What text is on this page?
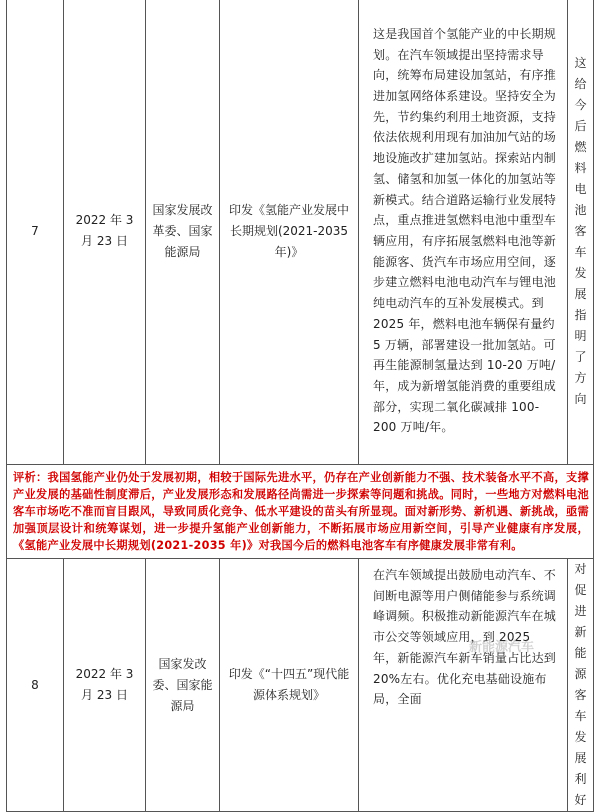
7	2022 年 3 月 23 日	国家发展改革委、国家能源局	印发《氢能产业发展中长期规划(2021-2035 年)》	这是我国首个氢能产业的中长期规划。在汽车领域提出坚持需求导向，统筹布局建设加氢站，有序推进加氢网络体系建设。坚持安全为先，节约集约利用土地资源，支持依法依规利用现有加油加气站的场地设施改扩建加氢站。探索站内制氢、储氢和加氢一体化的加氢站等新模式。结合道路运输行业发展特点，重点推进氢燃料电池中重型车辆应用，有序拓展氢燃料电池等新能源客、货汽车市场应用空间，逐步建立燃料电池电动汽车与锂电池纯电动汽车的互补发展模式。到 2025 年，燃料电池车辆保有量约 5 万辆，部署建设一批加氢站。可再生能源制氢量达到 10-20 万吨/年，成为新增氢能消费的重要组成部分，实现二氧化碳减排 100-200 万吨/年。	这给今后燃料电池客车发展指明了方向
评析：我国氢能产业仍处于发展初期，相较于国际先进水平，仍存在产业创新能力不强、技术装备水平不高，支撑产业发展的基础性制度滞后，产业发展形态和发展路径尚需进一步探索等问题和挑战。同时，一些地方对燃料电池客车市场吃不准而盲目跟风，导致同质化竞争、低水平建设的苗头有所显现。面对新形势、新机遇、新挑战，亟需加强顶层设计和统筹谋划，进一步提升氢能产业创新能力，不断拓展市场应用新空间，引导产业健康有序发展，《氢能产业发展中长期规划(2021-2035 年)》对我国今后的燃料电池客车有序健康发展非常有利。					
8	2022 年 3 月 23 日	国家发改委、国家能源局	印发《“十四五”现代能源体系规划》	在汽车领域提出鼓励电动汽车、不间断电源等用户侧储能参与系统调峰调频。积极推动新能源汽车在城市公交等领域应用，到 2025 年，新能源汽车新车销量占比达到 20%左右。优化充电基础设施布局，全面	对促进新能源客车发展利好
新能源汽车
